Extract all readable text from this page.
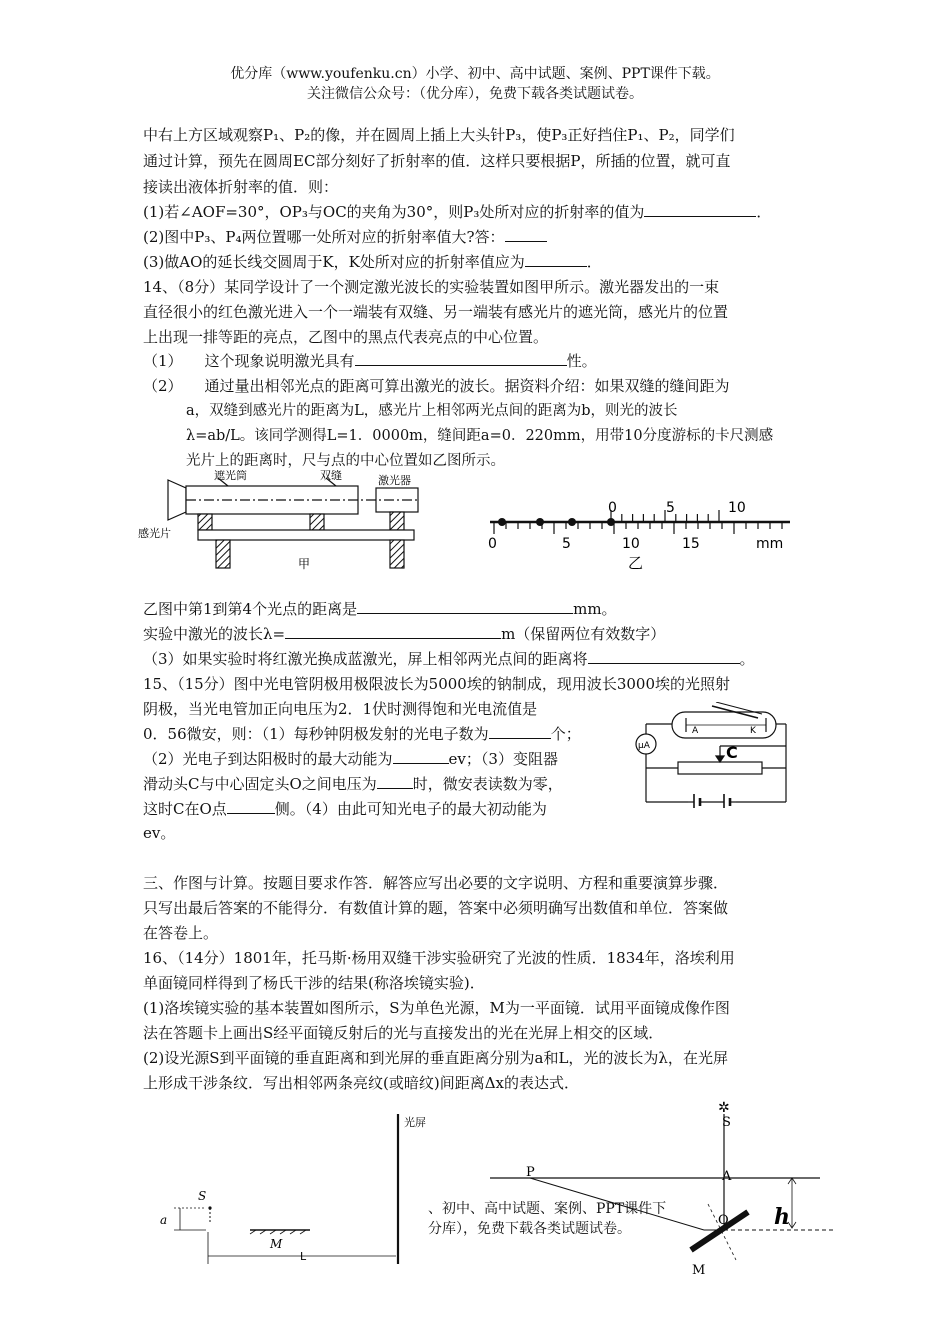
优分库（www.youfenku.cn）小学、初中、高中试题、案例、PPT课件下载。
关注微信公众号：（优分库），免费下载各类试题试卷。
中右上方区域观察P₁、P₂的像，并在圆周上插上大头针P₃，使P₃正好挡住P₁、P₂，同学们
通过计算，预先在圆周EC部分刻好了折射率的值．这样只要根据P，所插的位置，就可直
接读出液体折射率的值．则：
(1)若∠AOF=30°，OP₃与OC的夹角为30°，则P₃处所对应的折射率的值为	．
(2)图中P₃、P₄两位置哪一处所对应的折射率值大?答：
(3)做AO的延长线交圆周于K，K处所对应的折射率值应为	．
14、（8分）某同学设计了一个测定激光波长的实验装置如图甲所示。激光器发出的一束
直径很小的红色激光进入一个一端装有双缝、另一端装有感光片的遮光筒，感光片的位置
上出现一排等距的亮点，乙图中的黑点代表亮点的中心位置。
（1） 这个现象说明激光具有	性。
（2） 通过量出相邻光点的距离可算出激光的波长。据资料介绍：如果双缝的缝间距为
a，双缝到感光片的距离为L，感光片上相邻两光点间的距离为b，则光的波长
λ=ab/L。该同学测得L=1．0000m，缝间距a=0．220mm，用带10分度游标的卡尺测感
光片上的距离时，尺与点的中心位置如乙图所示。
遮光筒	双缝	激光器
感光片
甲
0	5	10
0	5	10	15	mm
乙
乙图中第1到第4个光点的距离是	mm。
实验中激光的波长λ=	m（保留两位有效数字）
（3）如果实验时将红激光换成蓝激光，屏上相邻两光点间的距离将	。
15、（15分）图中光电管阴极用极限波长为5000埃的钠制成，现用波长3000埃的光照射
阴极，当光电管加正向电压为2．1伏时测得饱和光电流值是
0．56微安，则：（1）每秒钟阴极发射的光电子数为	个；
（2）光电子到达阳极时的最大动能为	ev；（3）变阻器
滑动头C与中心固定头O之间电压为 时，微安表读数为零，
这时C在O点	侧。（4）由此可知光电子的最大初动能为
ev。
A	K
μA	C
三、作图与计算。按题目要求作答．解答应写出必要的文字说明、方程和重要演算步骤．
只写出最后答案的不能得分．有数值计算的题，答案中必须明确写出数值和单位．答案做
在答卷上。
16、（14分）1801年，托马斯·杨用双缝干涉实验研究了光波的性质．1834年，洛埃利用
单面镜同样得到了杨氏干涉的结果(称洛埃镜实验)．
(1)洛埃镜实验的基本装置如图所示，S为单色光源，M为一平面镜．试用平面镜成像作图
法在答题卡上画出S经平面镜反射后的光与直接发出的光在光屏上相交的区域．
(2)设光源S到平面镜的垂直距离和到光屏的垂直距离分别为a和L，光的波长为λ，在光屏
上形成干涉条纹．写出相邻两条亮纹(或暗纹)间距离Δx的表达式．
光屏
S
a
M
L
✲
S
P	A
O h
M
、初中、高中试题、案例、PPT课件下
分库），免费下载各类试题试卷。
